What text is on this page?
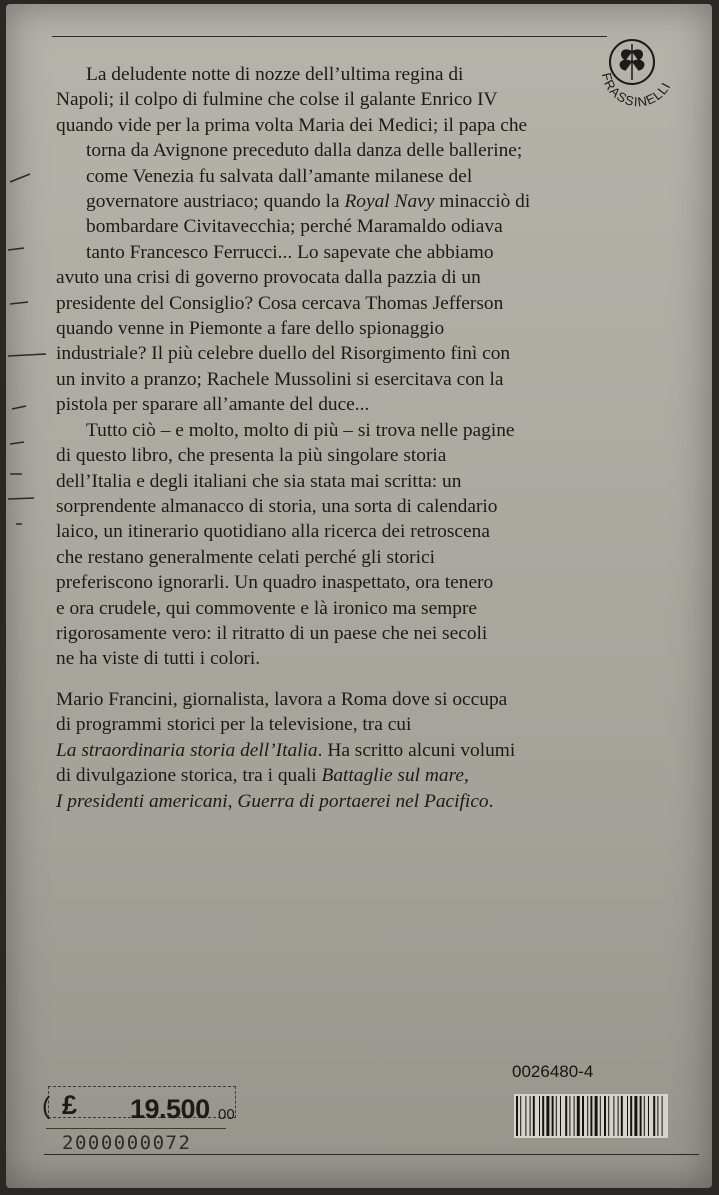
FRASSINELLI

La deludente notte di nozze dell’ultima regina di
Napoli; il colpo di fulmine che colse il galante Enrico IV
quando vide per la prima volta Maria dei Medici; il papa che
torna da Avignone preceduto dalla danza delle ballerine;
come Venezia fu salvata dall’amante milanese del
governatore austriaco; quando la Royal Navy minacciò di
bombardare Civitavecchia; perché Maramaldo odiava
tanto Francesco Ferrucci... Lo sapevate che abbiamo
avuto una crisi di governo provocata dalla pazzia di un
presidente del Consiglio? Cosa cercava Thomas Jefferson
quando venne in Piemonte a fare dello spionaggio
industriale? Il più celebre duello del Risorgimento finì con
un invito a pranzo; Rachele Mussolini si esercitava con la
pistola per sparare all’amante del duce...

Tutto ciò – e molto, molto di più – si trova nelle pagine
di questo libro, che presenta la più singolare storia
dell’Italia e degli italiani che sia stata mai scritta: un
sorprendente almanacco di storia, una sorta di calendario
laico, un itinerario quotidiano alla ricerca dei retroscena
che restano generalmente celati perché gli storici
preferiscono ignorarli. Un quadro inaspettato, ora tenero
e ora crudele, qui commovente e là ironico ma sempre
rigorosamente vero: il ritratto di un paese che nei secoli
ne ha viste di tutti i colori.

Mario Francini, giornalista, lavora a Roma dove si occupa
di programmi storici per la televisione, tra cui
La straordinaria storia dell’Italia. Ha scritto alcuni volumi
di divulgazione storica, tra i quali Battaglie sul mare,
I presidenti americani, Guerra di portaerei nel Pacifico.
0026480-4
( £ 19.500 00
2000000072
